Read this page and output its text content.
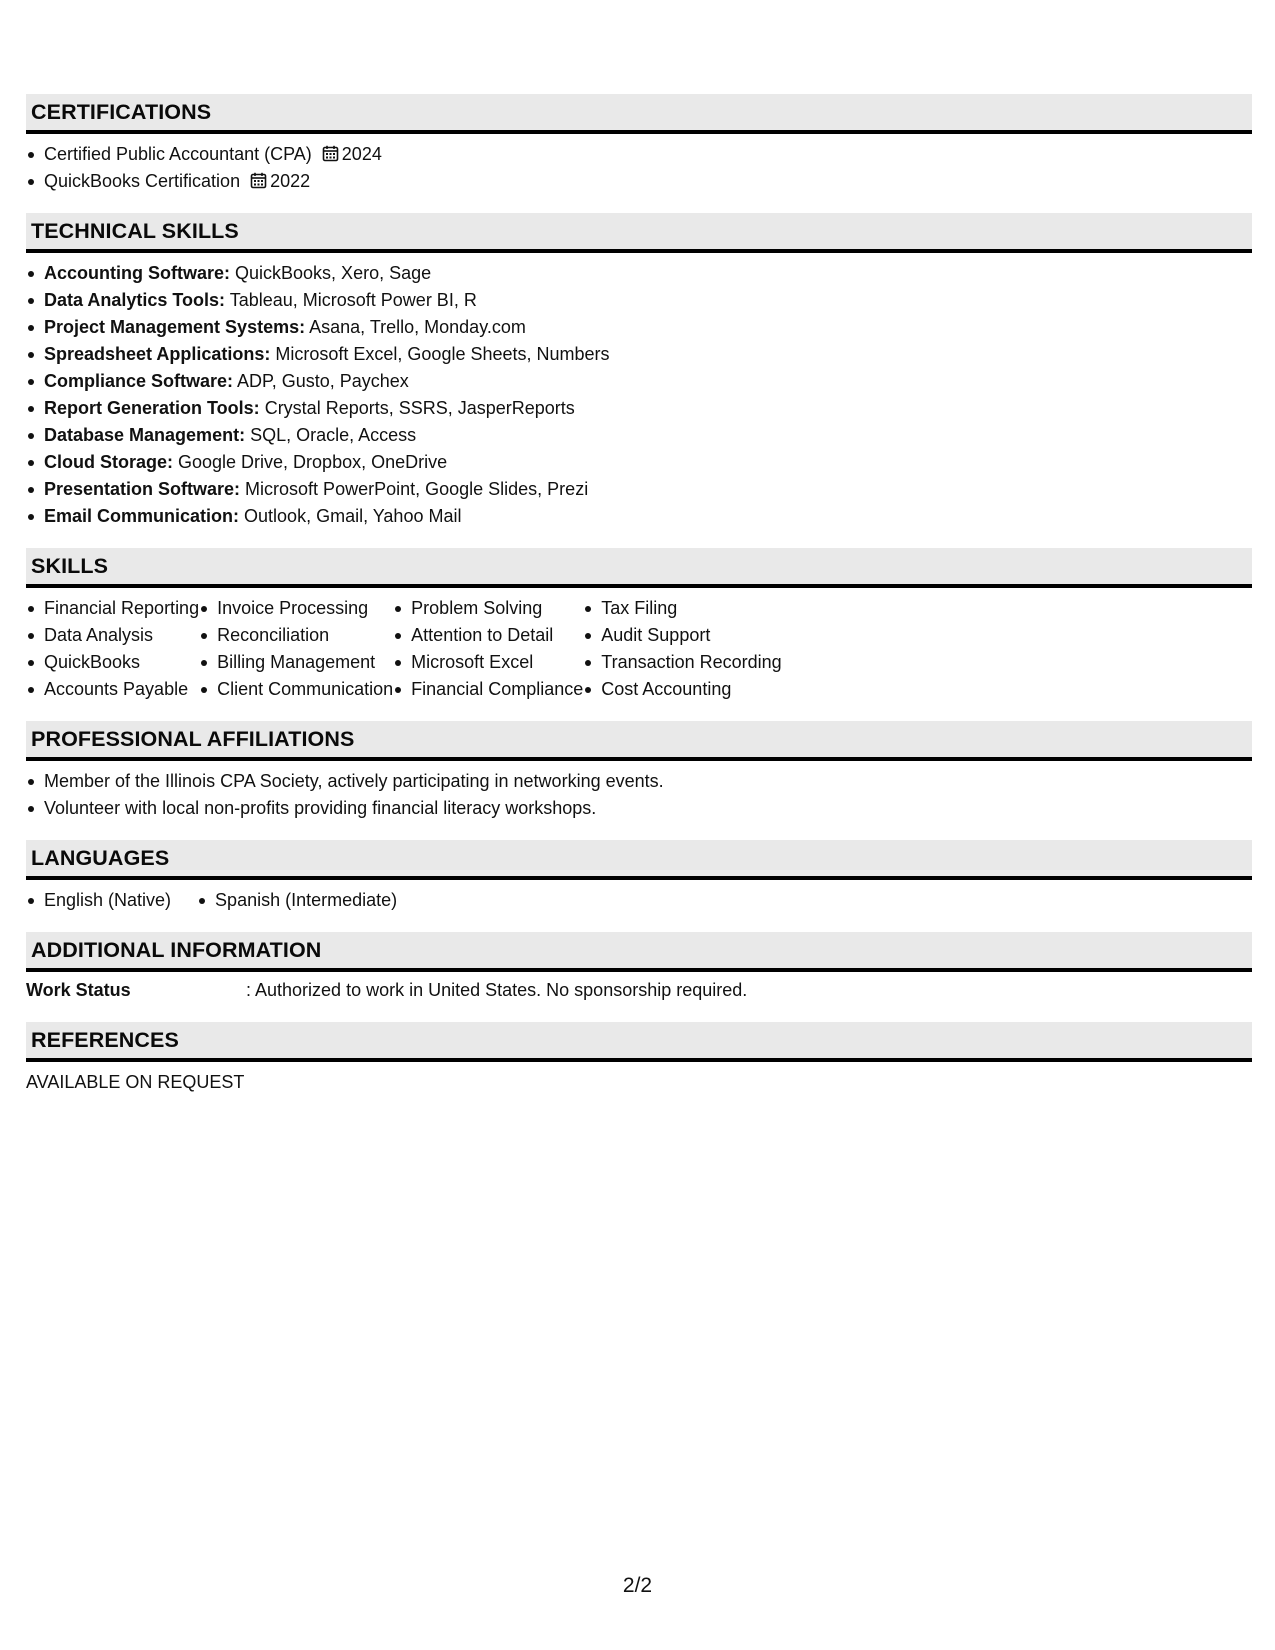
CERTIFICATIONS
Certified Public Accountant (CPA) 2024
QuickBooks Certification 2022
TECHNICAL SKILLS
Accounting Software: QuickBooks, Xero, Sage
Data Analytics Tools: Tableau, Microsoft Power BI, R
Project Management Systems: Asana, Trello, Monday.com
Spreadsheet Applications: Microsoft Excel, Google Sheets, Numbers
Compliance Software: ADP, Gusto, Paychex
Report Generation Tools: Crystal Reports, SSRS, JasperReports
Database Management: SQL, Oracle, Access
Cloud Storage: Google Drive, Dropbox, OneDrive
Presentation Software: Microsoft PowerPoint, Google Slides, Prezi
Email Communication: Outlook, Gmail, Yahoo Mail
SKILLS
Financial Reporting
Data Analysis
QuickBooks
Accounts Payable
Invoice Processing
Reconciliation
Billing Management
Client Communication
Problem Solving
Attention to Detail
Microsoft Excel
Financial Compliance
Tax Filing
Audit Support
Transaction Recording
Cost Accounting
PROFESSIONAL AFFILIATIONS
Member of the Illinois CPA Society, actively participating in networking events.
Volunteer with local non-profits providing financial literacy workshops.
LANGUAGES
English (Native)	Spanish (Intermediate)
ADDITIONAL INFORMATION
Work Status	: Authorized to work in United States. No sponsorship required.
REFERENCES
AVAILABLE ON REQUEST
2/2
